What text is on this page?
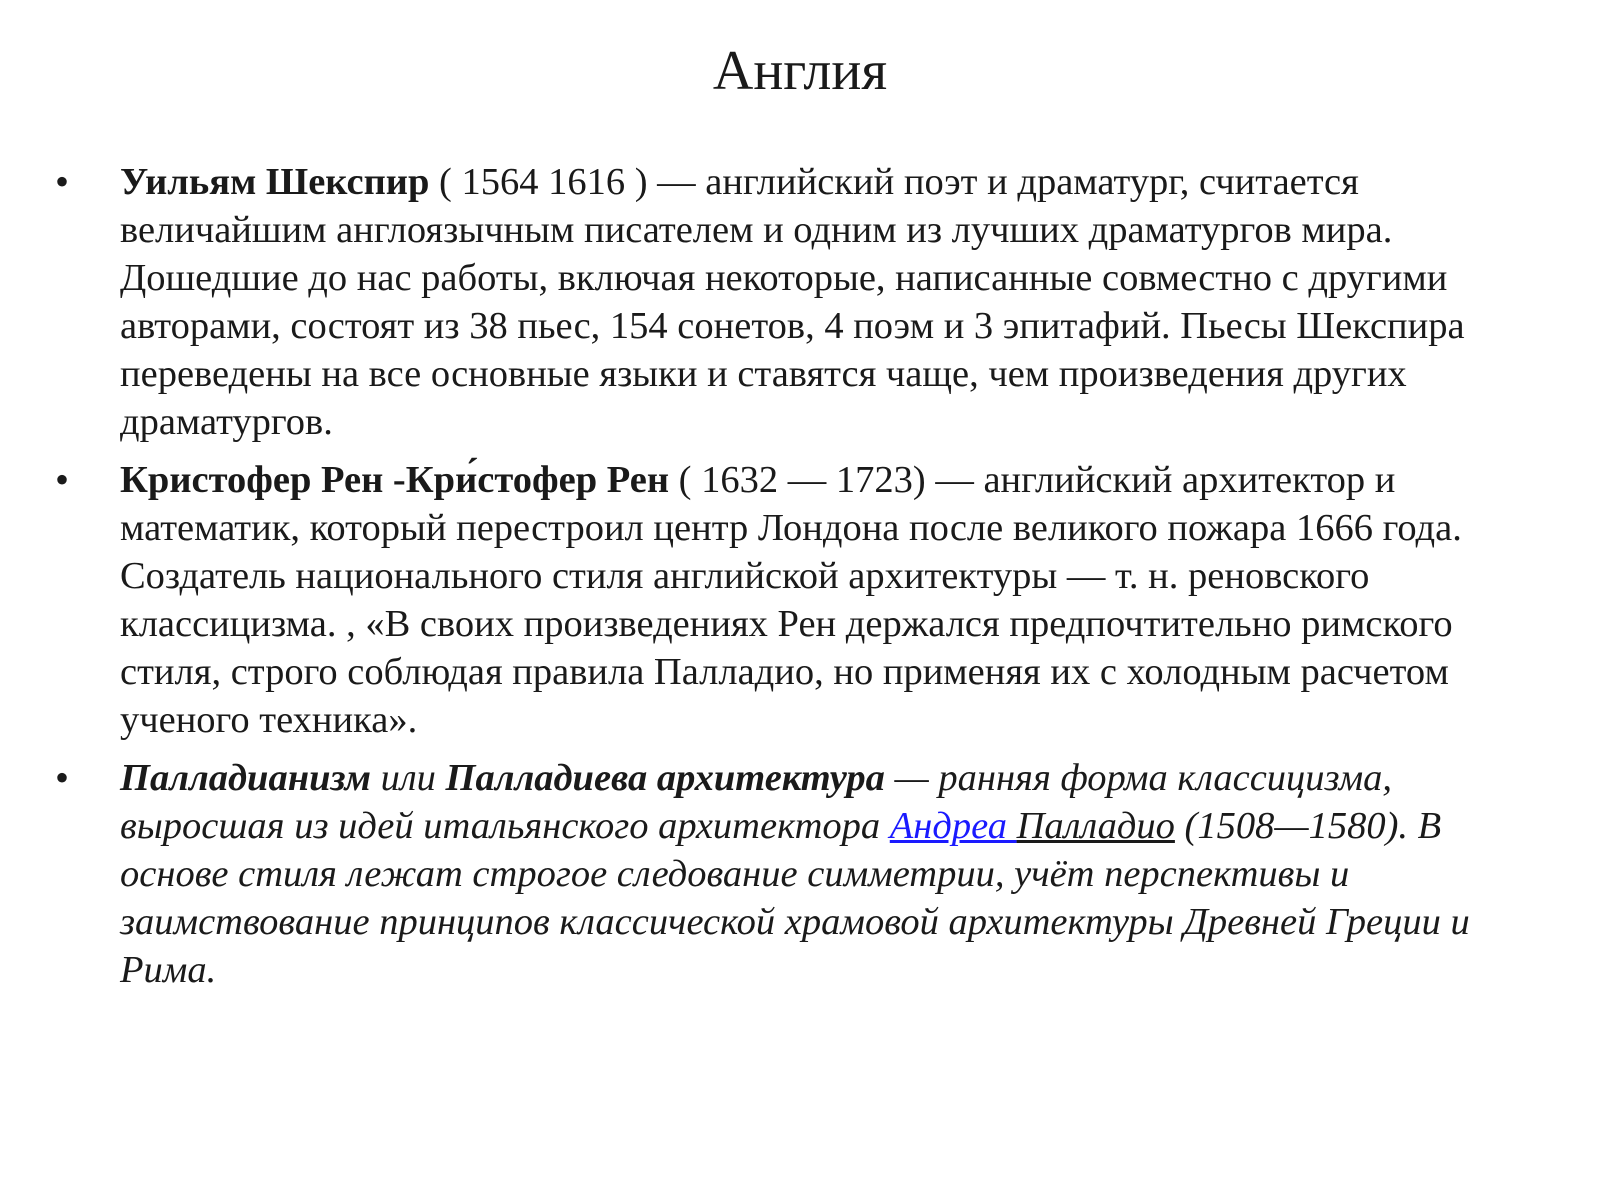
Англия
•	Уильям Шекспир ( 1564 1616 ) — английский поэт и драматург, считается величайшим англоязычным писателем и одним из лучших драматургов мира. Дошедшие до нас работы, включая некоторые, написанные совместно с другими авторами, состоят из 38 пьес, 154 сонетов, 4 поэм и 3 эпитафий. Пьесы Шекспира переведены на все основные языки и ставятся чаще, чем произведения других драматургов.
•	Кристофер Рен -Кри́стофер Рен ( 1632 — 1723) — английский архитектор и математик, который перестроил центр Лондона после великого пожара 1666 года. Создатель национального стиля английской архитектуры — т. н. реновского классицизма. , «В своих произведениях Рен держался предпочтительно римского стиля, строго соблюдая правила Палладио, но применяя их с холодным расчетом ученого техника».
•	Палладианизм или Палладиева архитектура — ранняя форма классицизма, выросшая из идей итальянского архитектора Андреа Палладио (1508—1580). В основе стиля лежат строгое следование симметрии, учёт перспективы и заимствование принципов классической храмовой архитектуры Древней Греции и Рима.
